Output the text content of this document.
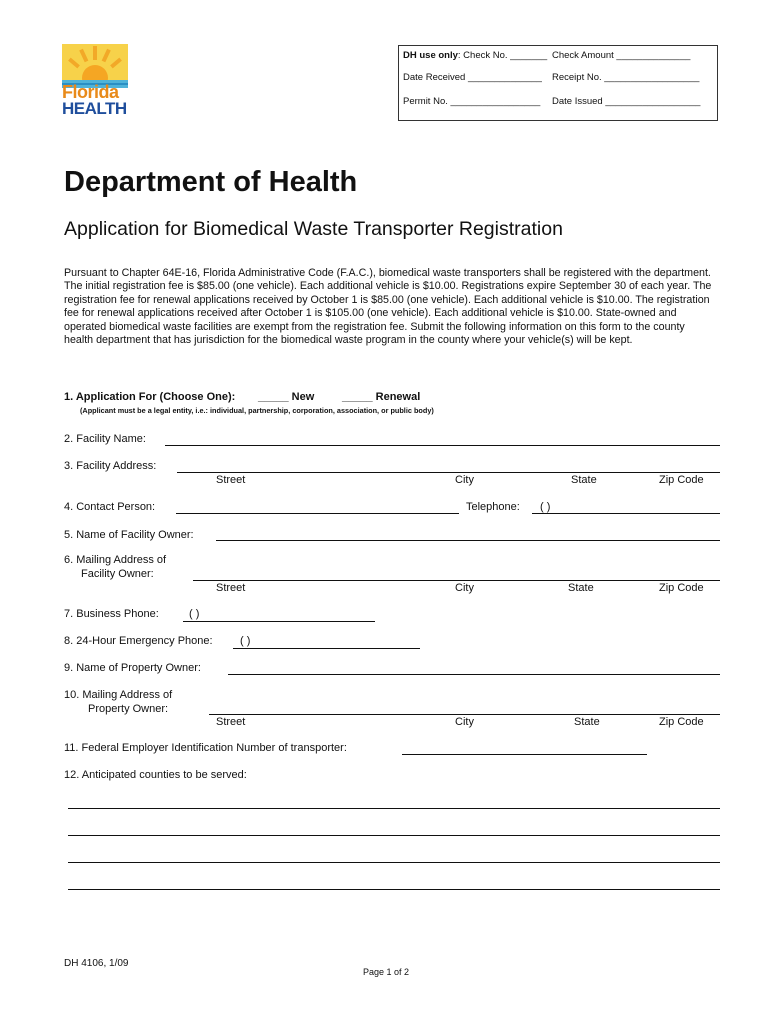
Florida
HEALTH
DH use only: Check No. _______ Check Amount ______________
Date Received ______________ Receipt No. __________________
Permit No. _________________ Date Issued __________________
Department of Health
Application for Biomedical Waste Transporter Registration

Pursuant to Chapter 64E-16, Florida Administrative Code (F.A.C.), biomedical waste transporters shall be registered with the department. The initial registration fee is $85.00 (one vehicle). Each additional vehicle is $10.00. Registrations expire September 30 of each year. The registration fee for renewal applications received by October 1 is $85.00 (one vehicle). Each additional vehicle is $10.00. The registration fee for renewal applications received after October 1 is $105.00 (one vehicle). Each additional vehicle is $10.00. State-owned and operated biomedical waste facilities are exempt from the registration fee. Submit the following information on this form to the county health department that has jurisdiction for the biomedical waste program in the county where your vehicle(s) will be kept.

1. Application For (Choose One): _____ New	_____ Renewal
(Applicant must be a legal entity, i.e.: individual, partnership, corporation, association, or public body)
2. Facility Name:
3. Facility Address:
Street	City	State	Zip Code
4. Contact Person:	Telephone: ( )
5. Name of Facility Owner:
6. Mailing Address of
Facility Owner:
Street	City	State	Zip Code
7. Business Phone:	( )
8. 24-Hour Emergency Phone: ( )
9. Name of Property Owner:
10. Mailing Address of
Property Owner:
Street	City	State	Zip Code
11. Federal Employer Identification Number of transporter:
12. Anticipated counties to be served:
DH 4106, 1/09
Page 1 of 2
